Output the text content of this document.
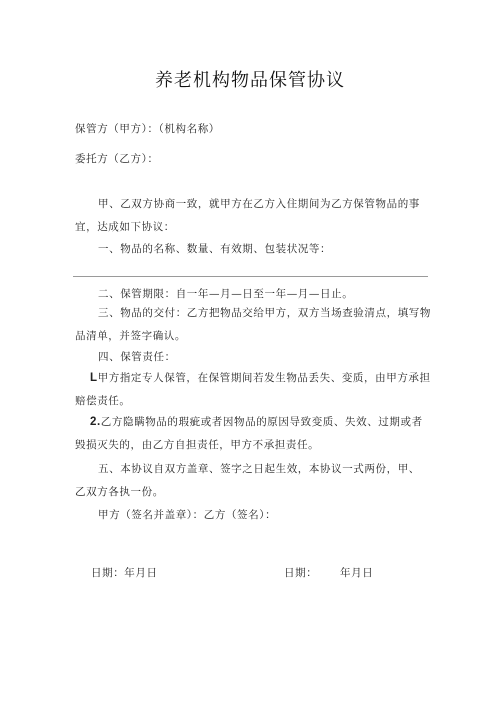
养老机构物品保管协议
保管方（甲方）：（机构名称）
委托方（乙方）：
甲、乙双方协商一致，就甲方在乙方入住期间为乙方保管物品的事宜，达成如下协议：
一、物品的名称、数量、有效期、包装状况等：
二、保管期限：自一年—月—日至一年—月—日止。
三、物品的交付：乙方把物品交给甲方，双方当场查验清点，填写物品清单，并签字确认。
四、保管责任：
L甲方指定专人保管，在保管期间若发生物品丢失、变质，由甲方承担赔偿责任。
2.乙方隐瞒物品的瑕疵或者因物品的原因导致变质、失效、过期或者毁损灭失的，由乙方自担责任，甲方不承担责任。
五、本协议自双方盖章、签字之日起生效，本协议一式两份，甲、
乙双方各执一份。
甲方（签名并盖章）：乙方（签名）：
日期：年月日	日期： 年月日
